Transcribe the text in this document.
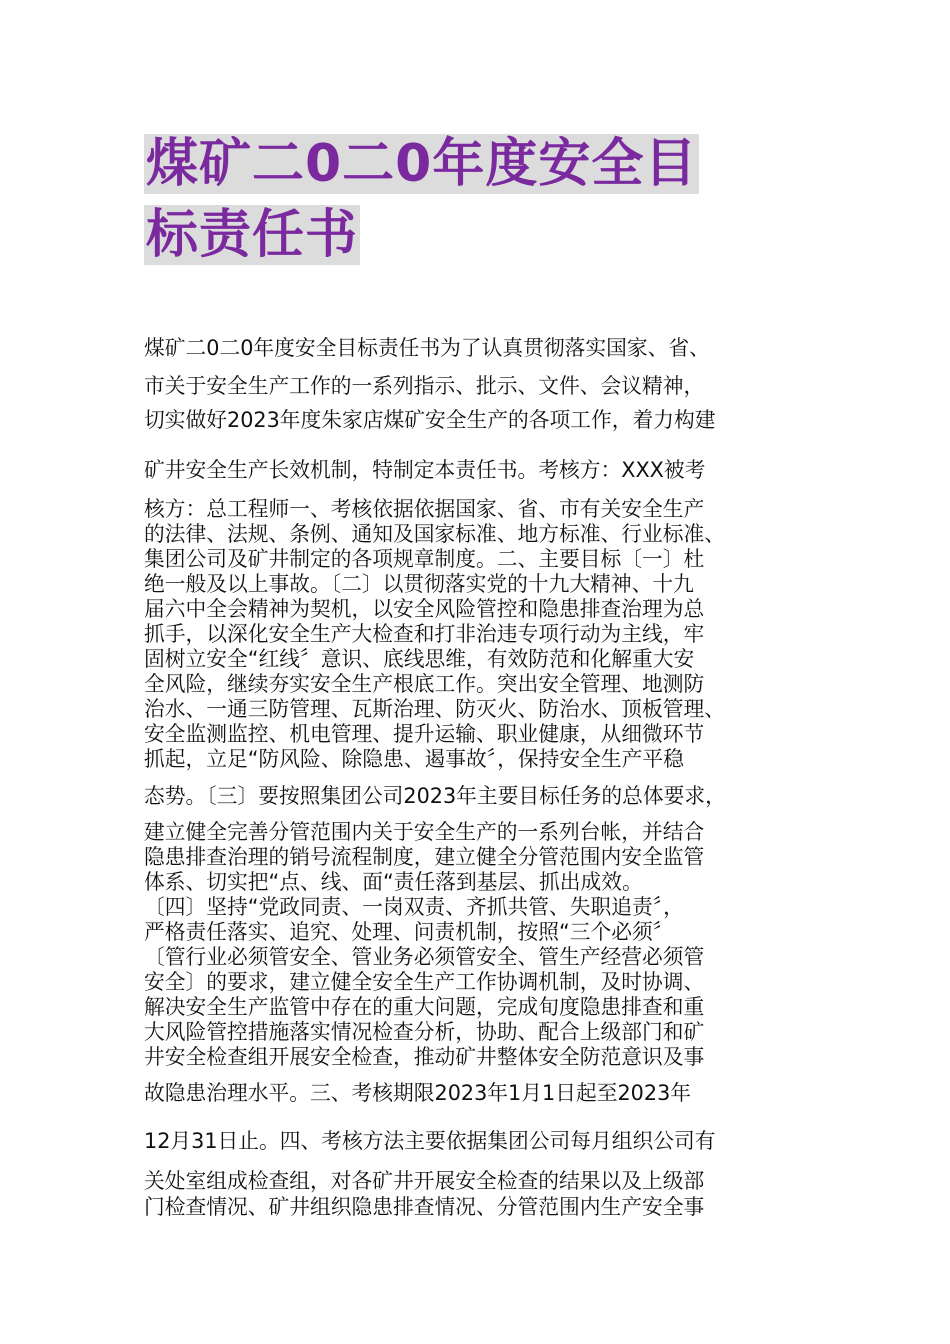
煤矿二0二0年度安全目
标责任书
煤矿二0二0年度安全目标责任书为了认真贯彻落实国家、省、
市关于安全生产工作的一系列指示、批示、文件、会议精神，
切实做好2023年度朱家店煤矿安全生产的各项工作，着力构建
矿井安全生产长效机制，特制定本责任书。考核方：XXX被考
核方：总工程师一、考核依据依据国家、省、市有关安全生产
的法律、法规、条例、通知及国家标准、地方标准、行业标准、
集团公司及矿井制定的各项规章制度。二、主要目标〔一〕杜
绝一般及以上事故。〔二〕以贯彻落实党的十九大精神、十九
届六中全会精神为契机，以安全风险管控和隐患排查治理为总
抓手，以深化安全生产大检查和打非治违专项行动为主线，牢
固树立安全“红线〞意识、底线思维，有效防范和化解重大安
全风险，继续夯实安全生产根底工作。突出安全管理、地测防
治水、一通三防管理、瓦斯治理、防灭火、防治水、顶板管理、
安全监测监控、机电管理、提升运输、职业健康，从细微环节
抓起，立足“防风险、除隐患、遏事故〞，保持安全生产平稳
态势。〔三〕要按照集团公司2023年主要目标任务的总体要求，
建立健全完善分管范围内关于安全生产的一系列台帐，并结合
隐患排查治理的销号流程制度，建立健全分管范围内安全监管
体系、切实把“点、线、面“责任落到基层、抓出成效。
〔四〕坚持“党政同责、一岗双责、齐抓共管、失职追责〞，
严格责任落实、追究、处理、问责机制，按照“三个必须〞
〔管行业必须管安全、管业务必须管安全、管生产经营必须管
安全〕的要求，建立健全安全生产工作协调机制，及时协调、
解决安全生产监管中存在的重大问题，完成旬度隐患排查和重
大风险管控措施落实情况检查分析，协助、配合上级部门和矿
井安全检查组开展安全检查，推动矿井整体安全防范意识及事
故隐患治理水平。三、考核期限2023年1月1日起至2023年
12月31日止。四、考核方法主要依据集团公司每月组织公司有
关处室组成检查组，对各矿井开展安全检查的结果以及上级部
门检查情况、矿井组织隐患排查情况、分管范围内生产安全事
